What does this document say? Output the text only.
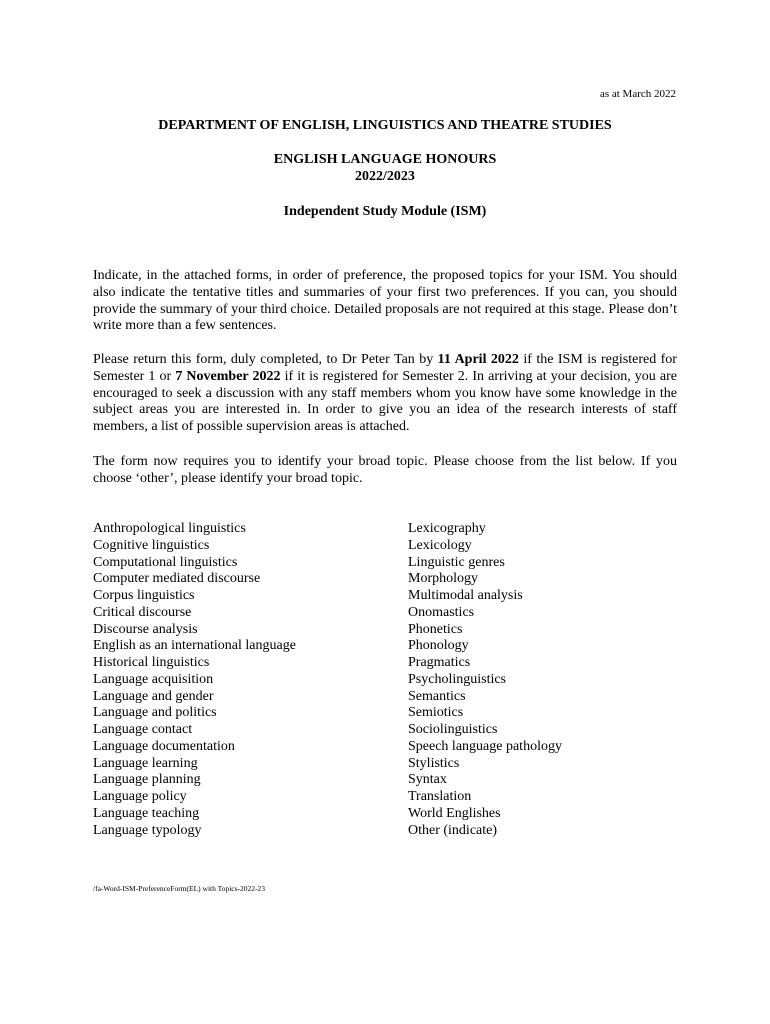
as at March 2022
DEPARTMENT OF ENGLISH, LINGUISTICS AND THEATRE STUDIES
ENGLISH LANGUAGE HONOURS
2022/2023
Independent Study Module (ISM)

Indicate, in the attached forms, in order of preference, the proposed topics for your ISM. You should also indicate the tentative titles and summaries of your first two preferences. If you can, you should provide the summary of your third choice. Detailed proposals are not required at this stage. Please don’t write more than a few sentences.

Please return this form, duly completed, to Dr Peter Tan by 11 April 2022 if the ISM is registered for Semester 1 or 7 November 2022 if it is registered for Semester 2. In arriving at your decision, you are encouraged to seek a discussion with any staff members whom you know have some knowledge in the subject areas you are interested in. In order to give you an idea of the research interests of staff members, a list of possible supervision areas is attached.

The form now requires you to identify your broad topic. Please choose from the list below. If you choose ‘other’, please identify your broad topic.

Anthropological linguistics
Cognitive linguistics
Computational linguistics
Computer mediated discourse
Corpus linguistics
Critical discourse
Discourse analysis
English as an international language
Historical linguistics
Language acquisition
Language and gender
Language and politics
Language contact
Language documentation
Language learning
Language planning
Language policy
Language teaching
Language typology
Lexicography
Lexicology
Linguistic genres
Morphology
Multimodal analysis
Onomastics
Phonetics
Phonology
Pragmatics
Psycholinguistics
Semantics
Semiotics
Sociolinguistics
Speech language pathology
Stylistics
Syntax
Translation
World Englishes
Other (indicate)
/fa-Word-ISM-PreferenceForm(EL) with Topics-2022-23
